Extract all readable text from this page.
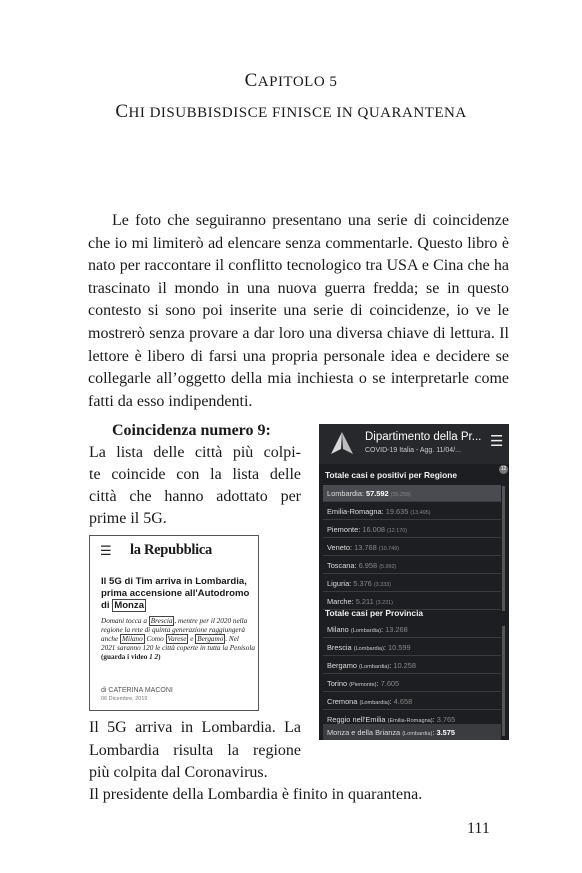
CAPITOLO 5
CHI DISUBBISDISCE FINISCE IN QUARANTENA
Le foto che seguiranno presentano una serie di coincidenze che io mi limiterò ad elencare senza commentarle. Questo libro è nato per raccontare il conflitto tecnologico tra USA e Cina che ha trascinato il mondo in una nuova guerra fredda; se in questo contesto si sono poi inserite una serie di coincidenze, io ve le mostrerò senza provare a dar loro una diversa chiave di lettura. Il lettore è libero di farsi una propria personale idea e decidere se collegarle all’oggetto della mia inchiesta o se interpretarle come fatti da esso indipendenti.
Coincidenza numero 9:
La lista delle città più colpi-
te coincide con la lista delle
città che hanno adottato per
prime il 5G.
☰ la Repubblica
Il 5G di Tim arriva in Lombardia,
prima accensione all'Autodromo
di Monza
Domani tocca a Brescia , mentre per il 2020 nella regione la rete di quinta generazione raggiungerà anche Milano Como Varese e Bergamo . Nel 2021 saranno 120 le città coperte in tutta la Penisola (guarda i video 1 2)
di CATERINA MACONI
06 Dicembre, 2019
Dipartimento della Pr...
COVID-19 Italia - Agg. 11/04/...
☰
12
Totale casi e positivi per Regione
Lombardia: 57.592 (30.258)
Emilia-Romagna: 19.635 (13.495)
Piemonte: 16.008 (12.170)
Veneto: 13.768 (10.749)
Toscana: 6.958 (5.992)
Liguria: 5.376 (3.333)
Marche: 5.211 (3.231)
Totale casi per Provincia
Milano (Lombardia): 13.268
Brescia (Lombardia): 10.599
Bergamo (Lombardia): 10.258
Torino (Piemonte): 7.605
Cremona (Lombardia): 4.658
Reggio nell'Emilia (Emilia-Romagna): 3.765
Monza e della Brianza (Lombardia): 3.575
Il 5G arriva in Lombardia. La
Lombardia risulta la regione
più colpita dal Coronavirus.
Il presidente della Lombardia è finito in quarantena.
111
